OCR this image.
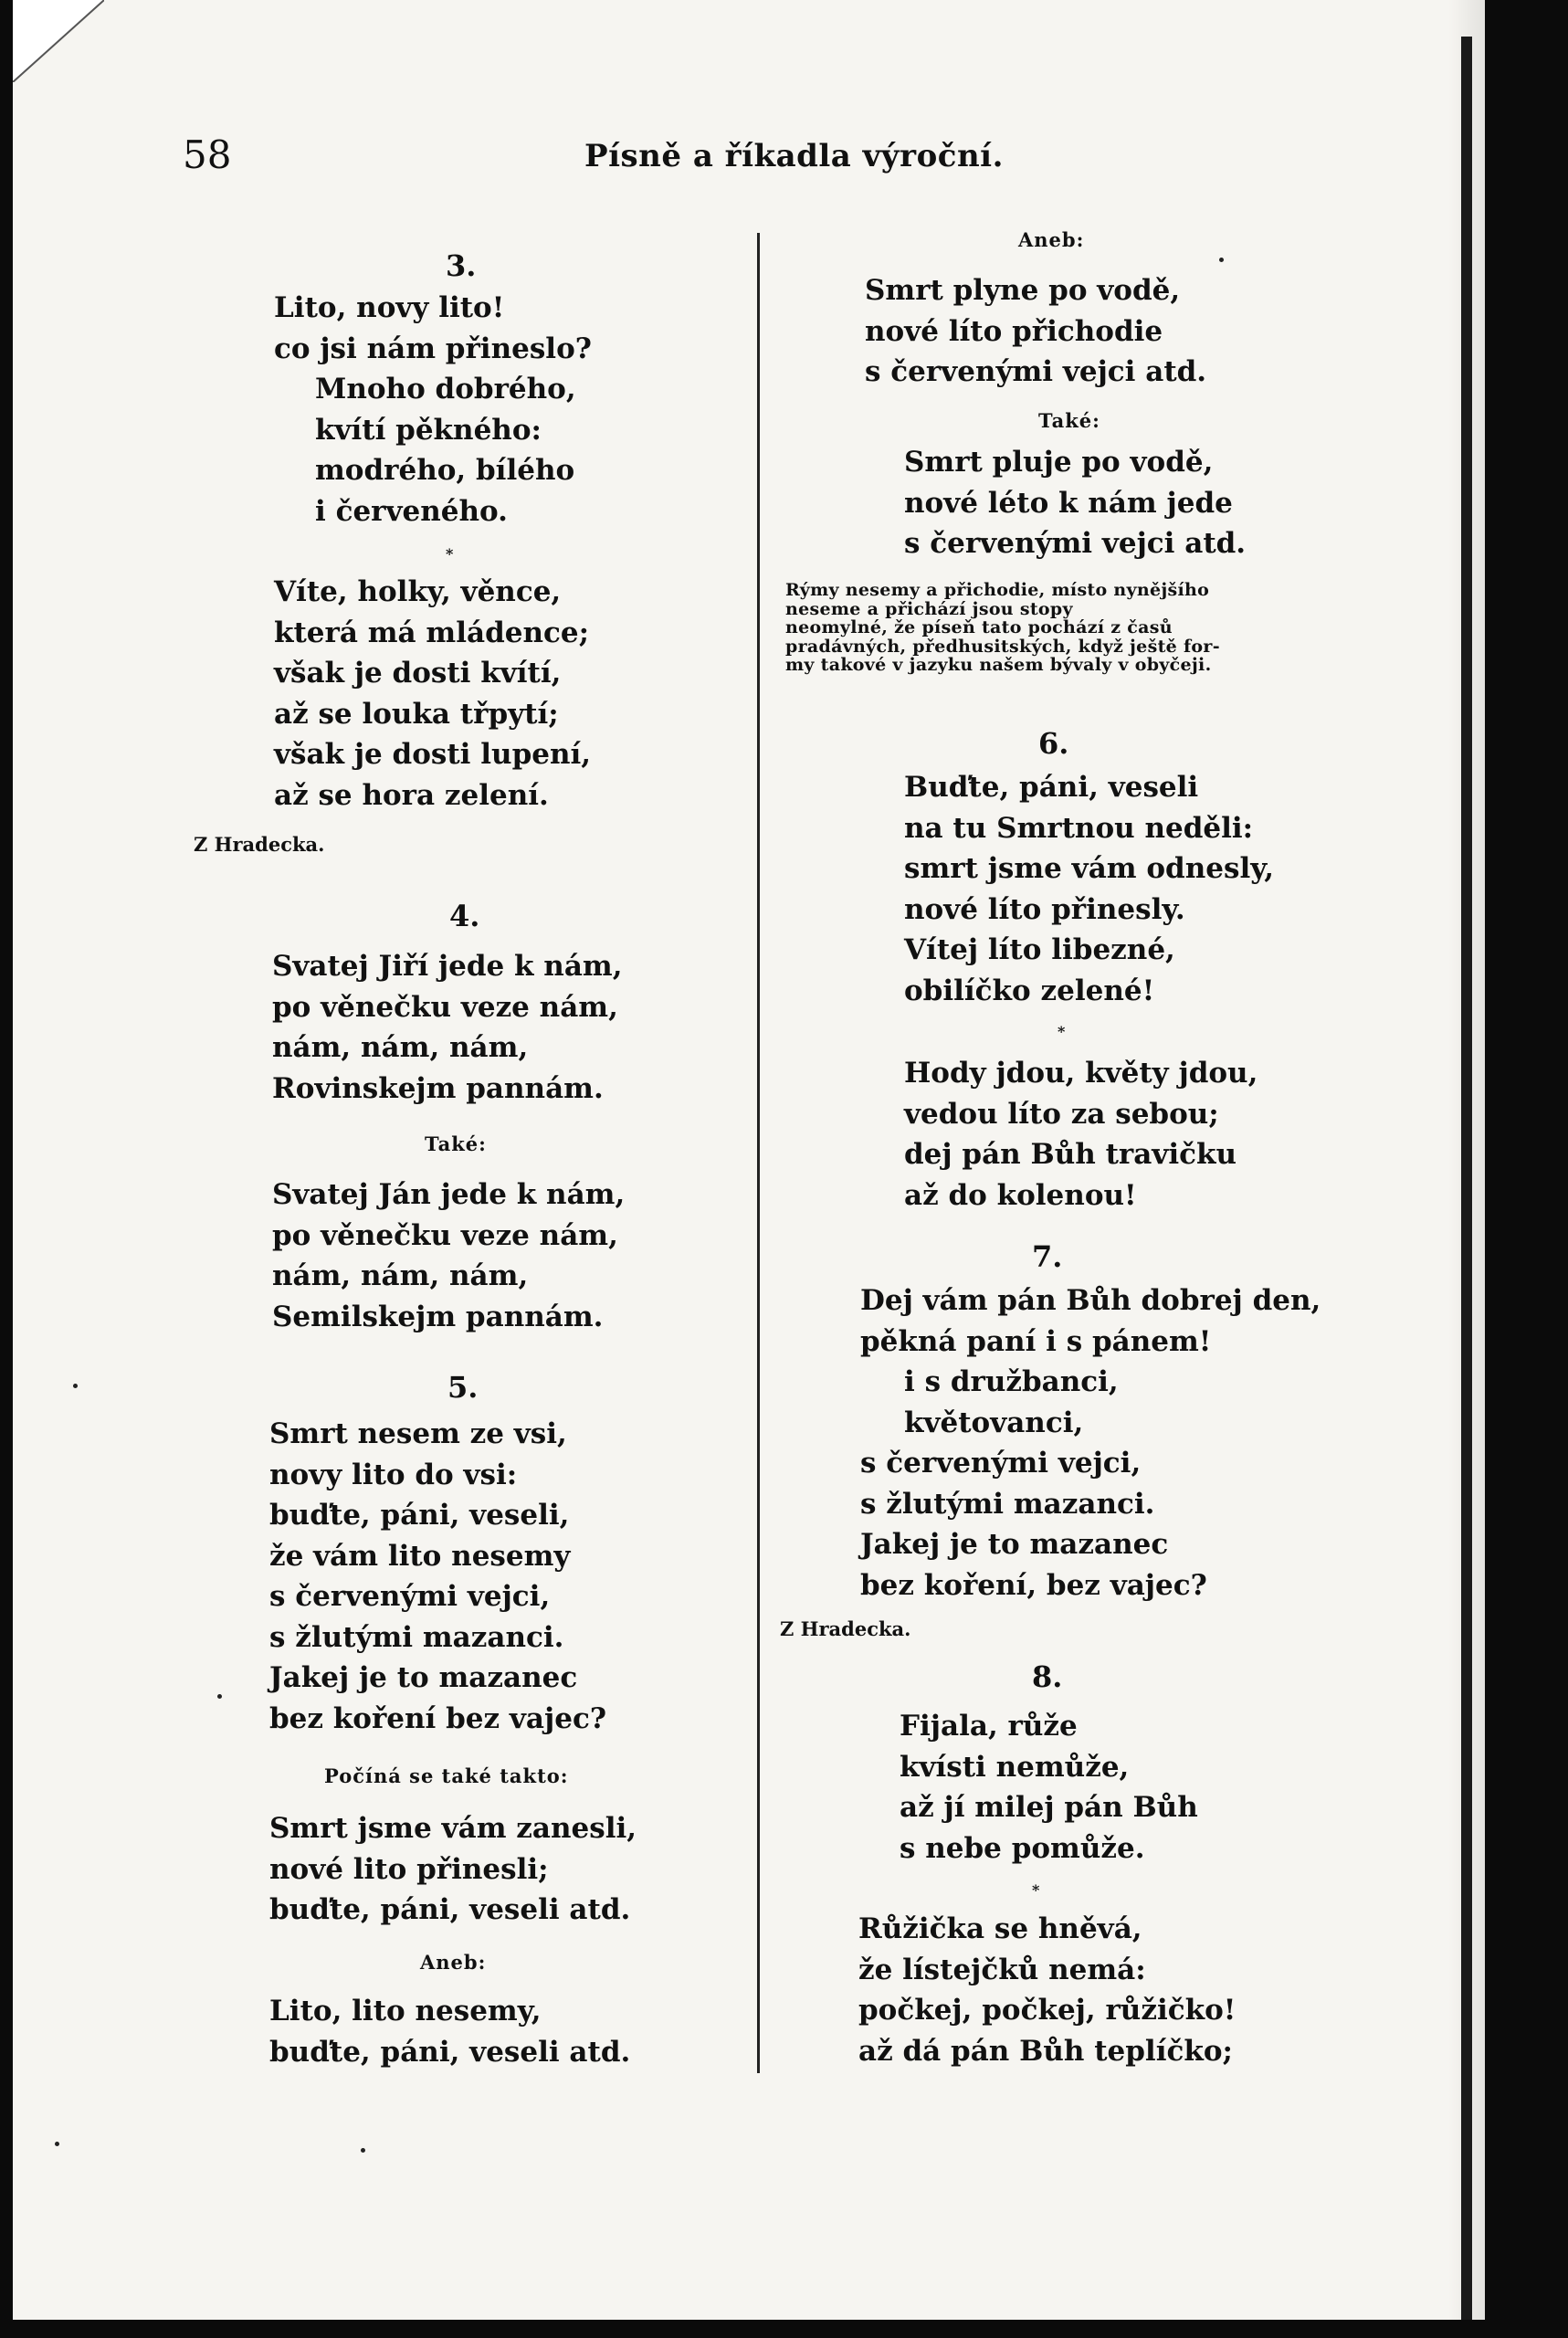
58	Písně a říkadla výroční.
3.
Lito, novy lito!
co jsi nám přineslo?
Mnoho dobrého,
kvítí pěkného:
modrého, bílého
i červeného.
*
Víte, holky, věnce,
která má mládence;
však je dosti kvítí,
až se louka třpytí;
však je dosti lupení,
až se hora zelení.
Z Hradecka.
4.
Svatej Jiří jede k nám,
po věnečku veze nám,
nám, nám, nám,
Rovinskejm pannám.
Také:
Svatej Ján jede k nám,
po věnečku veze nám,
nám, nám, nám,
Semilskejm pannám.
5.
Smrt nesem ze vsi,
novy lito do vsi:
buďte, páni, veseli,
že vám lito nesemy
s červenými vejci,
s žlutými mazanci.
Jakej je to mazanec
bez koření bez vajec?
Počíná se také takto:
Smrt jsme vám zanesli,
nové lito přinesli;
buďte, páni, veseli atd.
Aneb:
Lito, lito nesemy,
buďte, páni, veseli atd.
Aneb:
Smrt plyne po vodě,
nové líto přichodie
s červenými vejci atd.
Také:
Smrt pluje po vodě,
nové léto k nám jede
s červenými vejci atd.
Rýmy nesemy a přichodie, místo nynějšího
neseme a přichází jsou stopy
neomylné, že píseň tato pochází z časů
pradávných, předhusitských, když ještě for-
my takové v jazyku našem bývaly v obyčeji.
6.
Buďte, páni, veseli
na tu Smrtnou neděli:
smrt jsme vám odnesly,
nové líto přinesly.
Vítej líto libezné,
obilíčko zelené!
*
Hody jdou, květy jdou,
vedou líto za sebou;
dej pán Bůh travičku
až do kolenou!
7.
Dej vám pán Bůh dobrej den,
pěkná paní i s pánem!
i s družbanci,
květovanci,
s červenými vejci,
s žlutými mazanci.
Jakej je to mazanec
bez koření, bez vajec?
Z Hradecka.
8.
Fijala, růže
kvísti nemůže,
až jí milej pán Bůh
s nebe pomůže.
*
Růžička se hněvá,
že lístejčků nemá:
počkej, počkej, růžičko!
až dá pán Bůh teplíčko;
